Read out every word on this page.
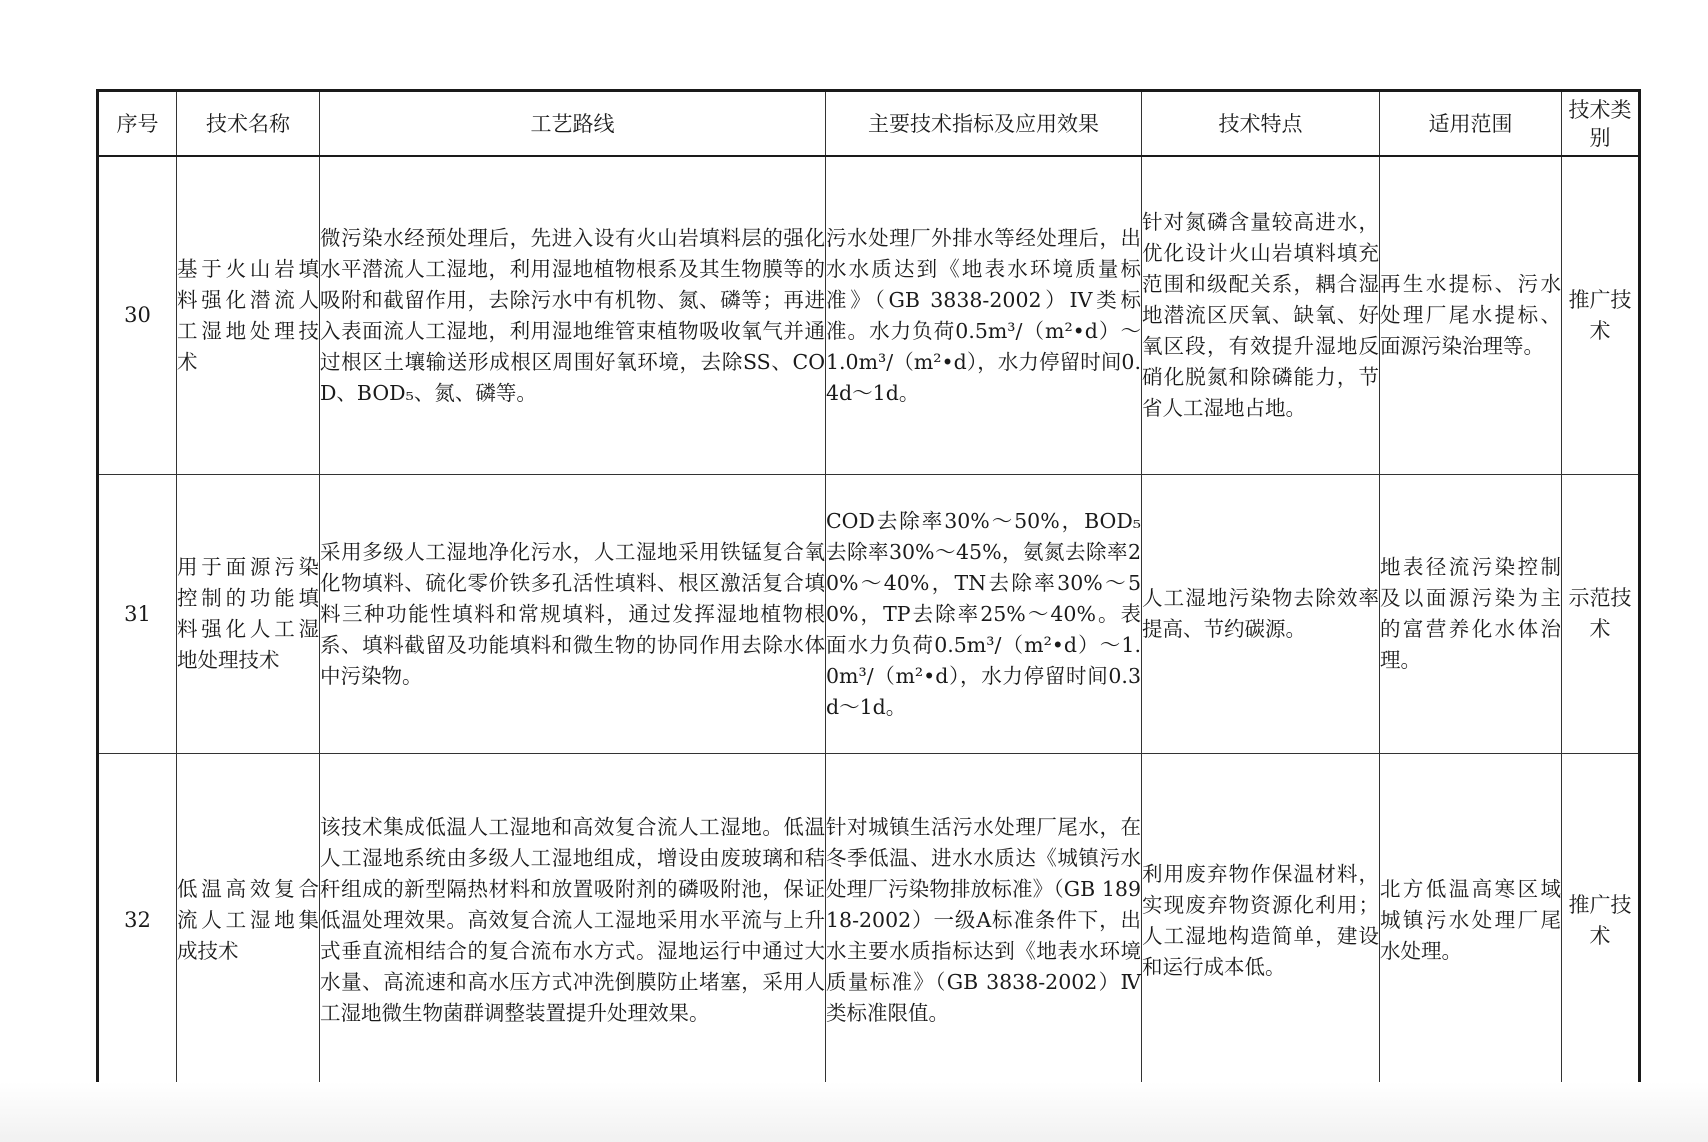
序号	技术名称	工艺路线	主要技术指标及应用效果	技术特点	适用范围	技术类别
30	基于火山岩填料强化潜流人工湿地处理技术	微污染水经预处理后，先进入设有火山岩填料层的强化水平潜流人工湿地，利用湿地植物根系及其生物膜等的吸附和截留作用，去除污水中有机物、氮、磷等；再进入表面流人工湿地，利用湿地维管束植物吸收氧气并通过根区土壤输送形成根区周围好氧环境，去除SS、COD、BOD₅、氮、磷等。	污水处理厂外排水等经处理后，出水水质达到《地表水环境质量标准》（GB 3838-2002）IV类标准。水力负荷0.5m³/（m²•d）～1.0m³/（m²•d），水力停留时间0.4d～1d。	针对氮磷含量较高进水，优化设计火山岩填料填充范围和级配关系，耦合湿地潜流区厌氧、缺氧、好氧区段，有效提升湿地反硝化脱氮和除磷能力，节省人工湿地占地。	再生水提标、污水处理厂尾水提标、面源污染治理等。	推广技术
31	用于面源污染控制的功能填料强化人工湿地处理技术	采用多级人工湿地净化污水，人工湿地采用铁锰复合氧化物填料、硫化零价铁多孔活性填料、根区激活复合填料三种功能性填料和常规填料，通过发挥湿地植物根系、填料截留及功能填料和微生物的协同作用去除水体中污染物。	COD去除率30%～50%，BOD₅去除率30%～45%，氨氮去除率20%～40%，TN去除率30%～50%，TP去除率25%～40%。表面水力负荷0.5m³/（m²•d）～1.0m³/（m²•d），水力停留时间0.3d～1d。	人工湿地污染物去除效率提高、节约碳源。	地表径流污染控制及以面源污染为主的富营养化水体治理。	示范技术
32	低温高效复合流人工湿地集成技术	该技术集成低温人工湿地和高效复合流人工湿地。低温人工湿地系统由多级人工湿地组成，增设由废玻璃和秸秆组成的新型隔热材料和放置吸附剂的磷吸附池，保证低温处理效果。高效复合流人工湿地采用水平流与上升式垂直流相结合的复合流布水方式。湿地运行中通过大水量、高流速和高水压方式冲洗倒膜防止堵塞，采用人工湿地微生物菌群调整装置提升处理效果。	针对城镇生活污水处理厂尾水，在冬季低温、进水水质达《城镇污水处理厂污染物排放标准》（GB 18918-2002）一级A标准条件下，出水主要水质指标达到《地表水环境质量标准》（GB 3838-2002）Ⅳ类标准限值。	利用废弃物作保温材料，实现废弃物资源化利用；人工湿地构造简单，建设和运行成本低。	北方低温高寒区域城镇污水处理厂尾水处理。	推广技术
